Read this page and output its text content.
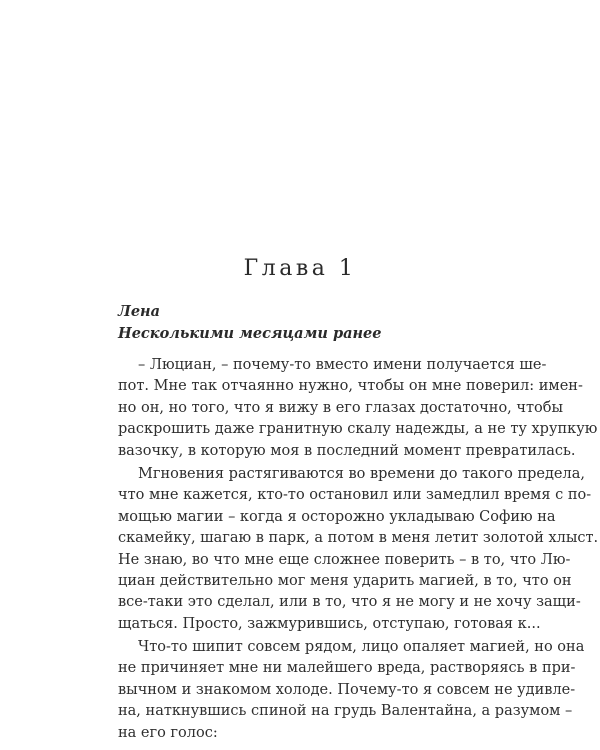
Глава 1
Лена
Несколькими месяцами ранее
– Люциан, – почему-то вместо имени получается ше-
пот. Мне так отчаянно нужно, чтобы он мне поверил: имен-
но он, но того, что я вижу в его глазах достаточно, чтобы
раскрошить даже гранитную скалу надежды, а не ту хрупкую
вазочку, в которую моя в последний момент превратилась.
Мгновения растягиваются во времени до такого предела,
что мне кажется, кто-то остановил или замедлил время с по-
мощью магии – когда я осторожно укладываю Софию на
скамейку, шагаю в парк, а потом в меня летит золотой хлыст.
Не знаю, во что мне еще сложнее поверить – в то, что Лю-
циан действительно мог меня ударить магией, в то, что он
все-таки это сделал, или в то, что я не могу и не хочу защи-
щаться. Просто, зажмурившись, отступаю, готовая к...
Что-то шипит совсем рядом, лицо опаляет магией, но она
не причиняет мне ни малейшего вреда, растворяясь в при-
вычном и знакомом холоде. Почему-то я совсем не удивле-
на, наткнувшись спиной на грудь Валентайна, а разумом –
на его голос:
